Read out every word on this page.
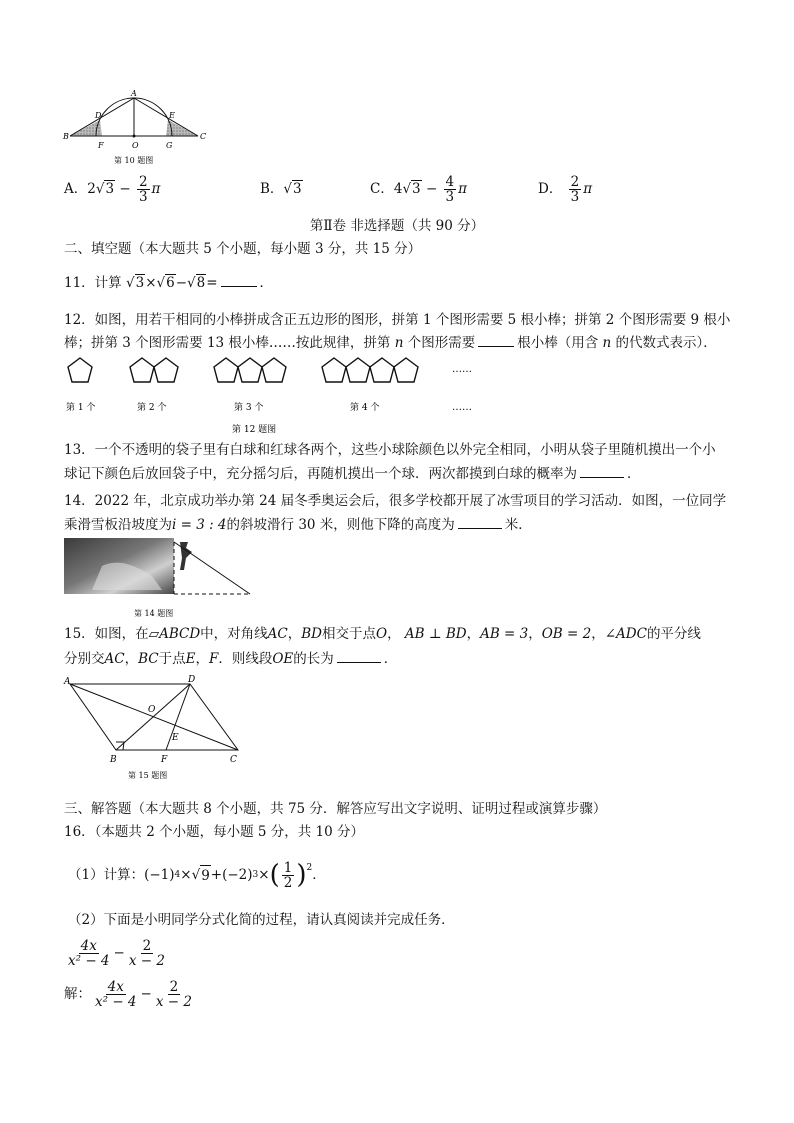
A
D	E
B	C
F	O	G
第 10 题图
A．$2√3 - \frac{2}{3}$ π	B．√3	C．$4√3 - \frac{4}{3}$ π	D． $\frac{2}{3}$ π
第Ⅱ卷 非选择题（共 90 分）
二、填空题（本大题共 5 个小题，每小题 3 分，共 15 分）
11．计算 √3×√6−√8=	．
12．如图，用若干相同的小棒拼成含正五边形的图形，拼第 1 个图形需要 5 根小棒；拼第 2 个图形需要 9 根小
棒；拼第 3 个图形需要 13 根小棒……按此规律，拼第 n 个图形需要	根小棒（用含 n 的代数式表示）．
……
第 1 个	第 2 个	第 3 个	第 4 个	……
第 12 题图
13．一个不透明的袋子里有白球和红球各两个，这些小球除颜色以外完全相同，小明从袋子里随机摸出一个小
球记下颜色后放回袋子中，充分摇匀后，再随机摸出一个球．两次都摸到白球的概率为	．
14．2022 年，北京成功举办第 24 届冬季奥运会后，很多学校都开展了冰雪项目的学习活动．如图，一位同学
乘滑雪板沿坡度为i = 3 : 4的斜坡滑行 30 米，则他下降的高度为	米．
第 14 题图
15．如图，在▱ABCD中，对角线AC，BD相交于点O， AB ⊥ BD，AB = 3，OB = 2，∠ADC的平分线
分别交AC，BC于点E，F．则线段OE的长为	．
A	D
O
E
B	F	C
第 15 题图
三、解答题（本大题共 8 个小题，共 75 分．解答应写出文字说明、证明过程或演算步骤）
16．（本题共 2 个小题，每小题 5 分，共 10 分）
（1）计算： (−1) 4 × √ 9 + (−2) 3 × ( $\frac{1}{2} )^2$ ．
（2）下面是小明同学分式化简的过程，请认真阅读并完成任务．
$\frac{4x}{\text{x² − 4}} - \frac{2}{x - 2}$
解： $\frac{4x}{\text{x² − 4}} - \frac{2}{x - 2}$
